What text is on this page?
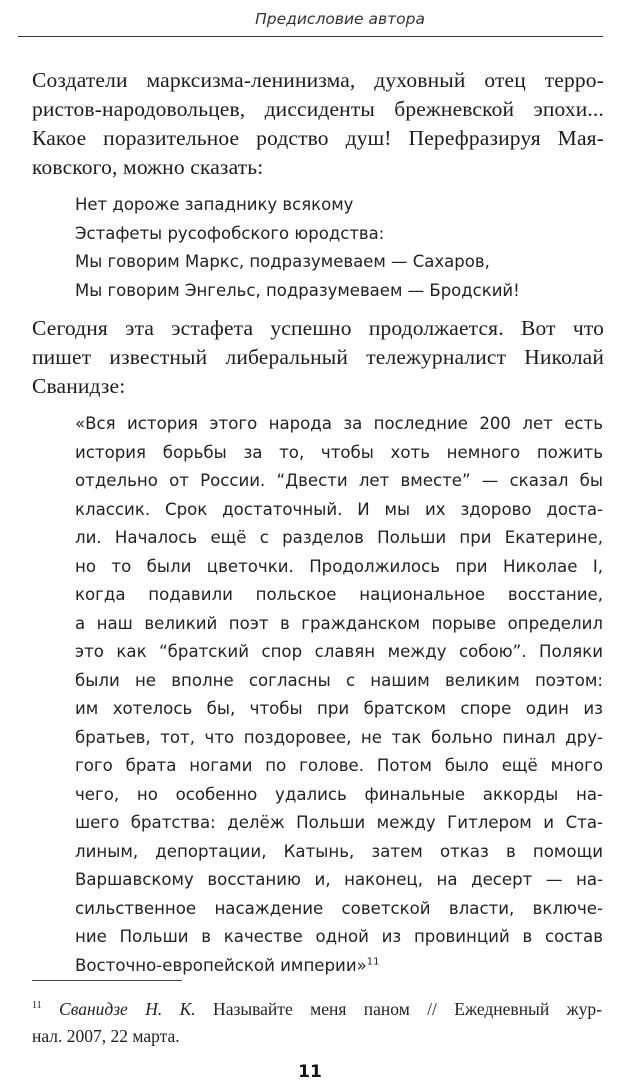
Предисловие автора
Создатели марксизма-ленинизма, духовный отец терро-
ристов-народовольцев, диссиденты брежневской эпохи...
Какое поразительное родство душ! Перефразируя Мая-
ковского, можно сказать:
Нет дороже западнику всякому
Эстафеты русофобского юродства:
Мы говорим Маркс, подразумеваем — Сахаров,
Мы говорим Энгельс, подразумеваем — Бродский!
Сегодня эта эстафета успешно продолжается. Вот что
пишет известный либеральный тележурналист Николай
Сванидзе:
«Вся история этого народа за последние 200 лет есть
история борьбы за то, чтобы хоть немного пожить
отдельно от России. “Двести лет вместе” — сказал бы
классик. Срок достаточный. И мы их здорово доста-
ли. Началось ещё с разделов Польши при Екатерине,
но то были цветочки. Продолжилось при Николае I,
когда подавили польское национальное восстание,
а наш великий поэт в гражданском порыве определил
это как “братский спор славян между собою”. Поляки
были не вполне согласны с нашим великим поэтом:
им хотелось бы, чтобы при братском споре один из
братьев, тот, что поздоровее, не так больно пинал дру-
гого брата ногами по голове. Потом было ещё много
чего, но особенно удались финальные аккорды на-
шего братства: делёж Польши между Гитлером и Ста-
линым, депортации, Катынь, затем отказ в помощи
Варшавскому восстанию и, наконец, на десерт — на-
сильственное насаждение советской власти, включе-
ние Польши в качестве одной из провинций в состав
Восточно-европейской империи»$^{11}$
$^{11}$ Сванидзе Н. К. Называйте меня паном // Ежедневный жур-
нал. 2007, 22 марта.
11
